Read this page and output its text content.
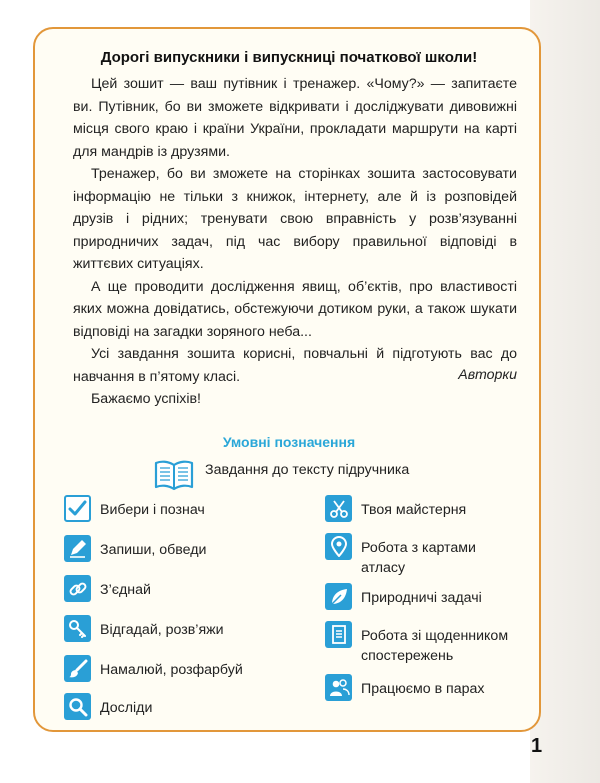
Дорогі випускники і випускниці початкової школи!

Цей зошит — ваш путівник і тренажер. «Чому?» — запитаєте ви. Путівник, бо ви зможете відкривати і досліджувати дивовижні місця свого краю і країни України, прокладати маршрути на карті для мандрів із друзями.

Тренажер, бо ви зможете на сторінках зошита застосовувати інформацію не тільки з книжок, інтернету, але й із розповідей друзів і рідних; тренувати свою вправність у розв’язуванні природничих задач, під час вибору правильної відповіді в життєвих ситуаціях.

А ще проводити дослідження явищ, об’єктів, про властивості яких можна довідатись, обстежуючи дотиком руки, а також шукати відповіді на загадки зоряного неба...

Усі завдання зошита корисні, повчальні й підготують вас до навчання в п’ятому класі.

Бажаємо успіхів!

Авторки
Умовні позначення
Завдання до тексту підручника
Вибери і познач
Запиши, обведи
З’єднай
Відгадай, розв’яжи
Намалюй, розфарбуй
Досліди
Твоя майстерня
Робота з картами атласу
Природничі задачі
Робота зі щоденником спостережень
Працюємо в парах
1
